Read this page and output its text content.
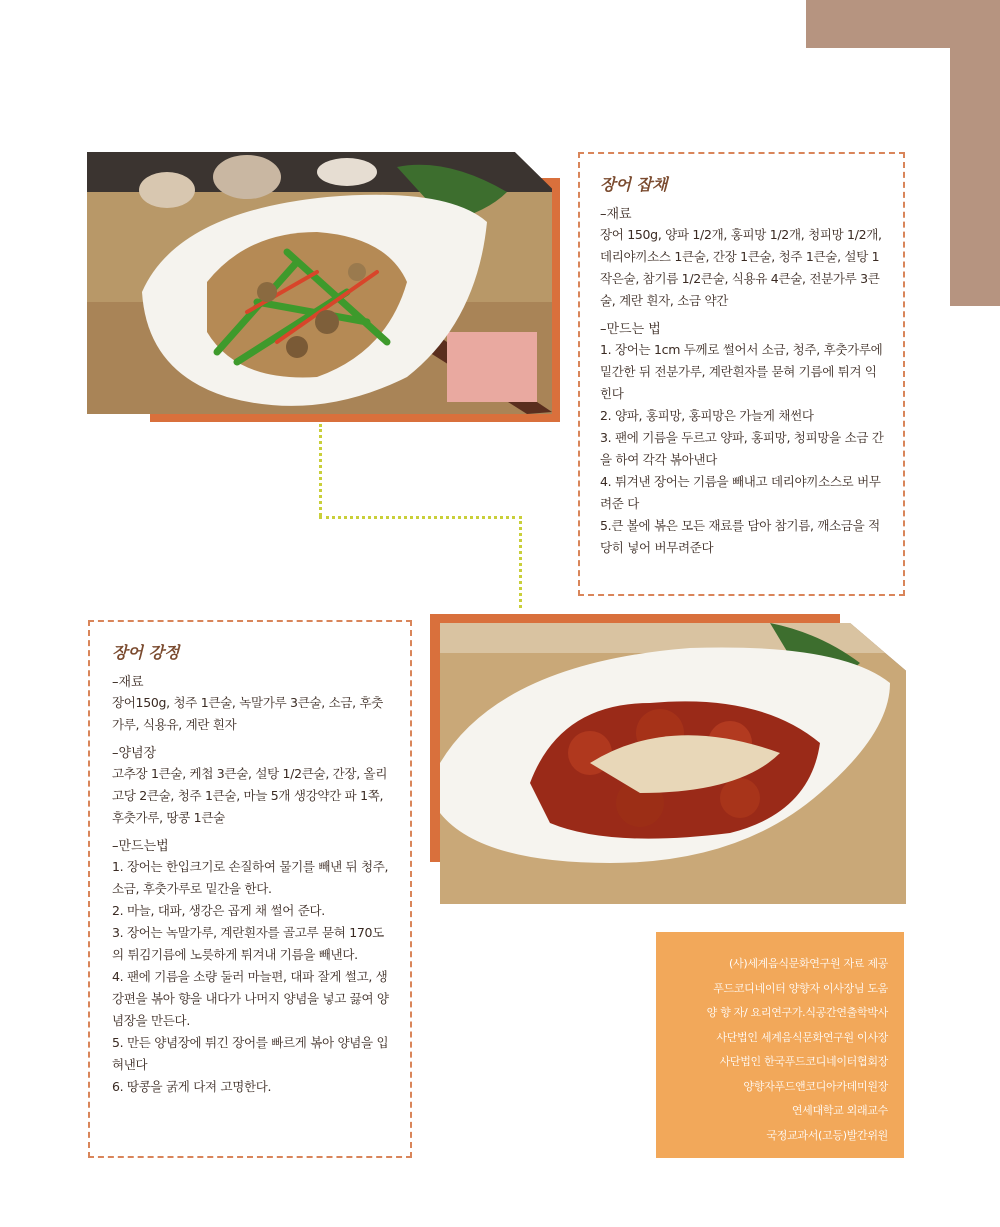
장어 잡채
–재료
장어 150g, 양파 1/2개, 홍피망 1/2개, 청피망 1/2개, 데리야끼소스 1큰술, 간장 1큰술, 청주 1큰술, 설탕 1작은술, 참기름 1/2큰술, 식용유 4큰술, 전분가루 3큰술, 계란 흰자, 소금 약간
–만드는 법
1. 장어는 1cm 두께로 썰어서 소금, 청주, 후춧가루에 밑간한 뒤 전분가루, 계란흰자를 묻혀 기름에 튀겨 익힌다
2. 양파, 홍피망, 홍피망은 가늘게 채썬다
3. 팬에 기름을 두르고 양파, 홍피망, 청피망을 소금 간을 하여 각각 볶아낸다
4. 튀겨낸 장어는 기름을 빼내고 데리야끼소스로 버무려준 다
5.큰 볼에 볶은 모든 재료를 담아 참기름, 깨소금을 적당히 넣어 버무려준다
장어 강정
–재료
장어150g, 청주 1큰술, 녹말가루 3큰술, 소금, 후춧가루, 식용유, 계란 흰자
–양념장
고추장 1큰술, 케첩 3큰술, 설탕 1/2큰술, 간장, 올리고당 2큰술, 청주 1큰술, 마늘 5개 생강약간 파 1쪽, 후춧가루, 땅콩 1큰술
–만드는법
1. 장어는 한입크기로 손질하여 물기를 빼낸 뒤 청주, 소금, 후춧가루로 밑간을 한다.
2. 마늘, 대파, 생강은 곱게 채 썰어 준다.
3. 장어는 녹말가루, 계란흰자를 골고루 묻혀 170도의 튀김기름에 노릇하게 튀겨내 기름을 빼낸다.
4. 팬에 기름을 소량 둘러 마늘편, 대파 잘게 썰고, 생강편을 볶아 향을 내다가 나머지 양념을 넣고 끓여 양념장을 만든다.
5. 만든 양념장에 튀긴 장어를 빠르게 볶아 양념을 입혀낸다
6. 땅콩을 굵게 다져 고명한다.
(사)세계음식문화연구원 자료 제공
푸드코디네이터 양향자 이사장님 도움
양 향 자/ 요리연구가.식공간연출학박사
사단법인 세계음식문화연구원 이사장
사단법인 한국푸드코디네이터협회장
양향자푸드앤코디아카데미원장
연세대학교 외래교수
국정교과서(고등)발간위원
